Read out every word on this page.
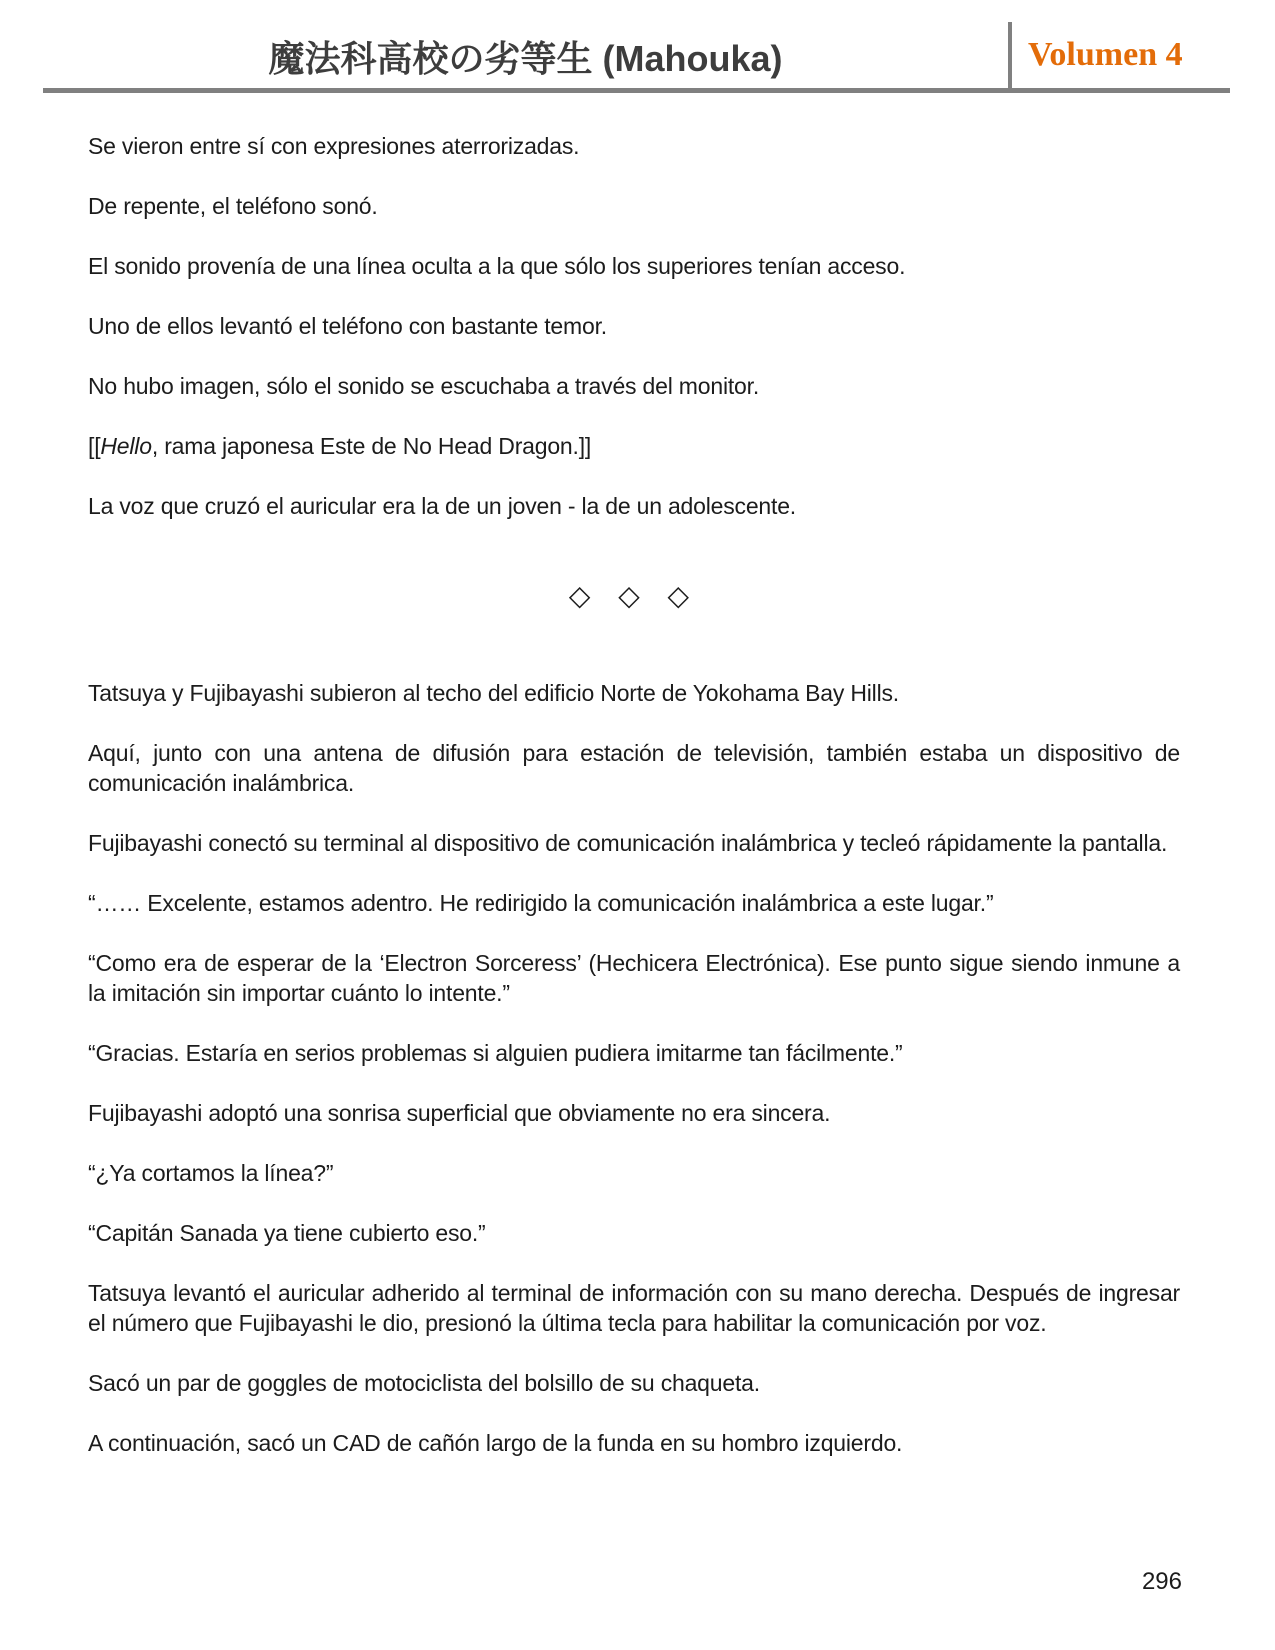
魔法科高校の劣等生 (Mahouka)	Volumen 4

Se vieron entre sí con expresiones aterrorizadas.

De repente, el teléfono sonó.

El sonido provenía de una línea oculta a la que sólo los superiores tenían acceso.

Uno de ellos levantó el teléfono con bastante temor.

No hubo imagen, sólo el sonido se escuchaba a través del monitor.

[[Hello, rama japonesa Este de No Head Dragon.]]

La voz que cruzó el auricular era la de un joven - la de un adolescente.

◇ ◇ ◇

Tatsuya y Fujibayashi subieron al techo del edificio Norte de Yokohama Bay Hills.

Aquí, junto con una antena de difusión para estación de televisión, también estaba un dispositivo de comunicación inalámbrica.

Fujibayashi conectó su terminal al dispositivo de comunicación inalámbrica y tecleó rápidamente la pantalla.

“…… Excelente, estamos adentro. He redirigido la comunicación inalámbrica a este lugar.”

“Como era de esperar de la ‘Electron Sorceress’ (Hechicera Electrónica). Ese punto sigue siendo inmune a la imitación sin importar cuánto lo intente.”

“Gracias. Estaría en serios problemas si alguien pudiera imitarme tan fácilmente.”

Fujibayashi adoptó una sonrisa superficial que obviamente no era sincera.

“¿Ya cortamos la línea?”

“Capitán Sanada ya tiene cubierto eso.”

Tatsuya levantó el auricular adherido al terminal de información con su mano derecha. Después de ingresar el número que Fujibayashi le dio, presionó la última tecla para habilitar la comunicación por voz.

Sacó un par de goggles de motociclista del bolsillo de su chaqueta.

A continuación, sacó un CAD de cañón largo de la funda en su hombro izquierdo.

296
